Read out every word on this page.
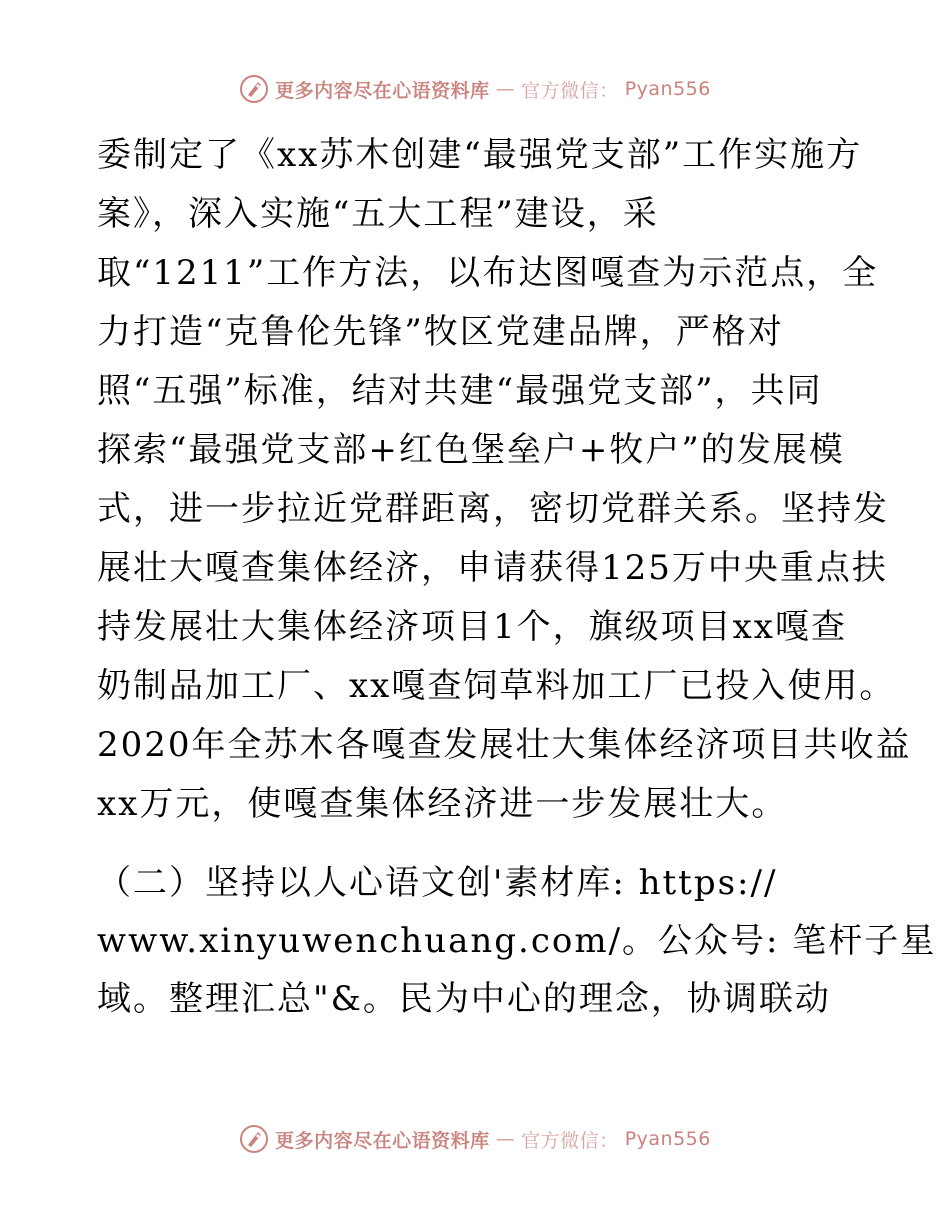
更多内容尽在心语资料库 — 官方微信： Pyan556
委制定了《xx苏木创建“最强党支部”工作实施方
案》，深入实施“五大工程”建设，采
取“1211”工作方法，以布达图嘎查为示范点，全
力打造“克鲁伦先锋”牧区党建品牌，严格对
照“五强”标准，结对共建“最强党支部”，共同
探索“最强党支部+红色堡垒户+牧户”的发展模
式，进一步拉近党群距离，密切党群关系。坚持发
展壮大嘎查集体经济，申请获得125万中央重点扶
持发展壮大集体经济项目1个，旗级项目xx嘎查
奶制品加工厂、xx嘎查饲草料加工厂已投入使用。
2020年全苏木各嘎查发展壮大集体经济项目共收益
xx万元，使嘎查集体经济进一步发展壮大。
（二）坚持以人心语文创'素材库: https://
www.xinyuwenchuang.com/。公众号: 笔杆子星
域。整理汇总"&。民为中心的理念，协调联动
更多内容尽在心语资料库 — 官方微信： Pyan556
